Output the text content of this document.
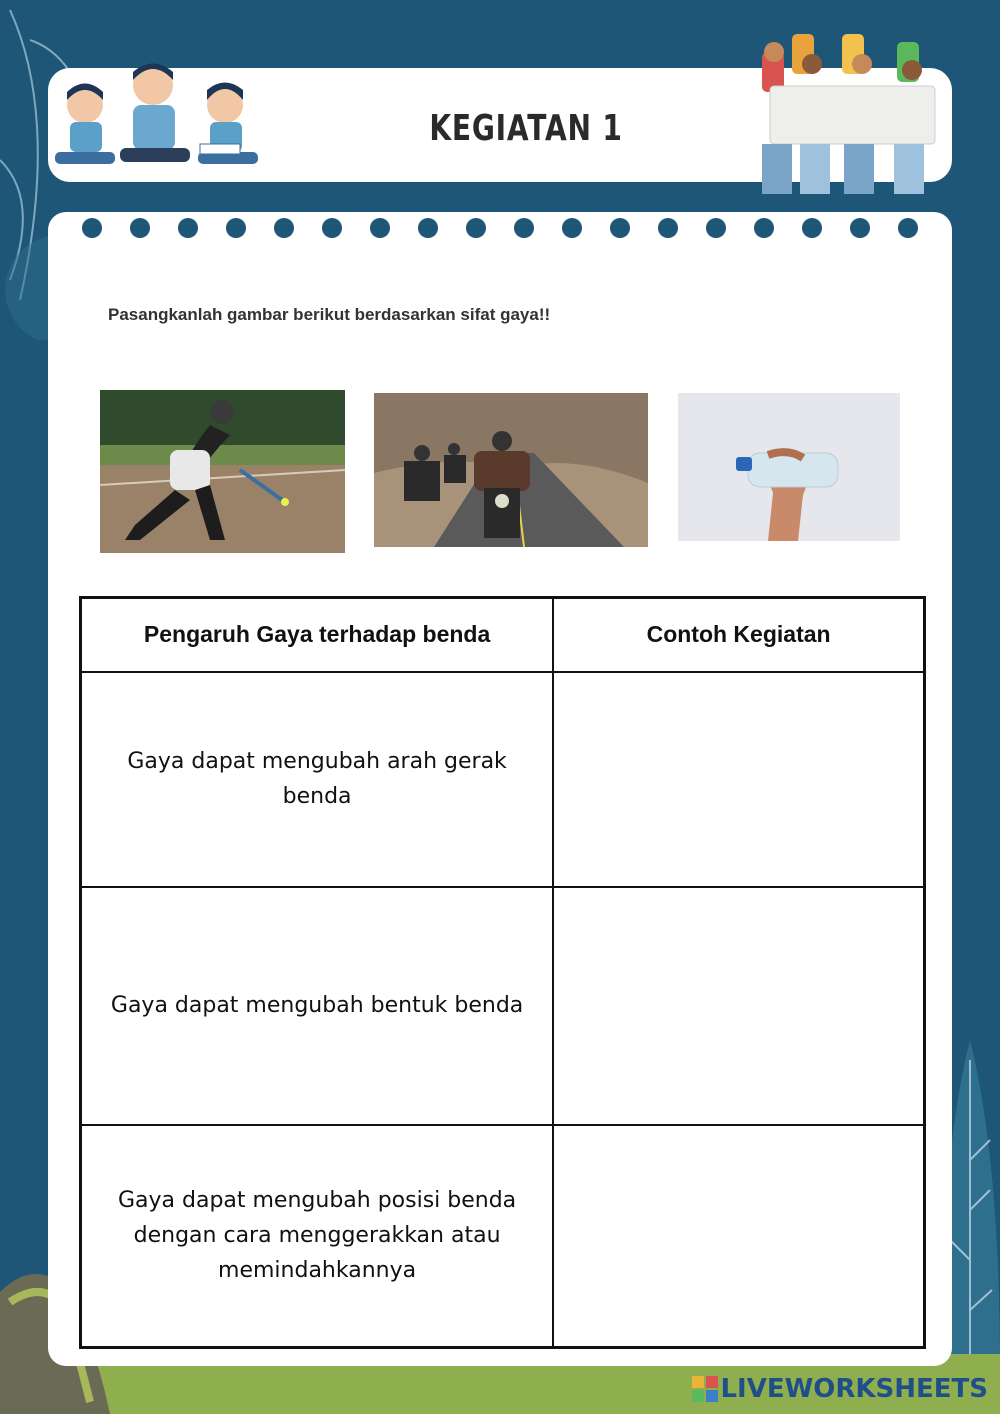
KEGIATAN 1
Pasangkanlah gambar berikut berdasarkan sifat gaya!!
Pengaruh Gaya terhadap benda	Contoh Kegiatan
Gaya dapat mengubah arah gerak benda	
Gaya dapat mengubah bentuk benda	
Gaya dapat mengubah posisi benda dengan cara menggerakkan atau memindahkannya	
LIVEWORKSHEETS
